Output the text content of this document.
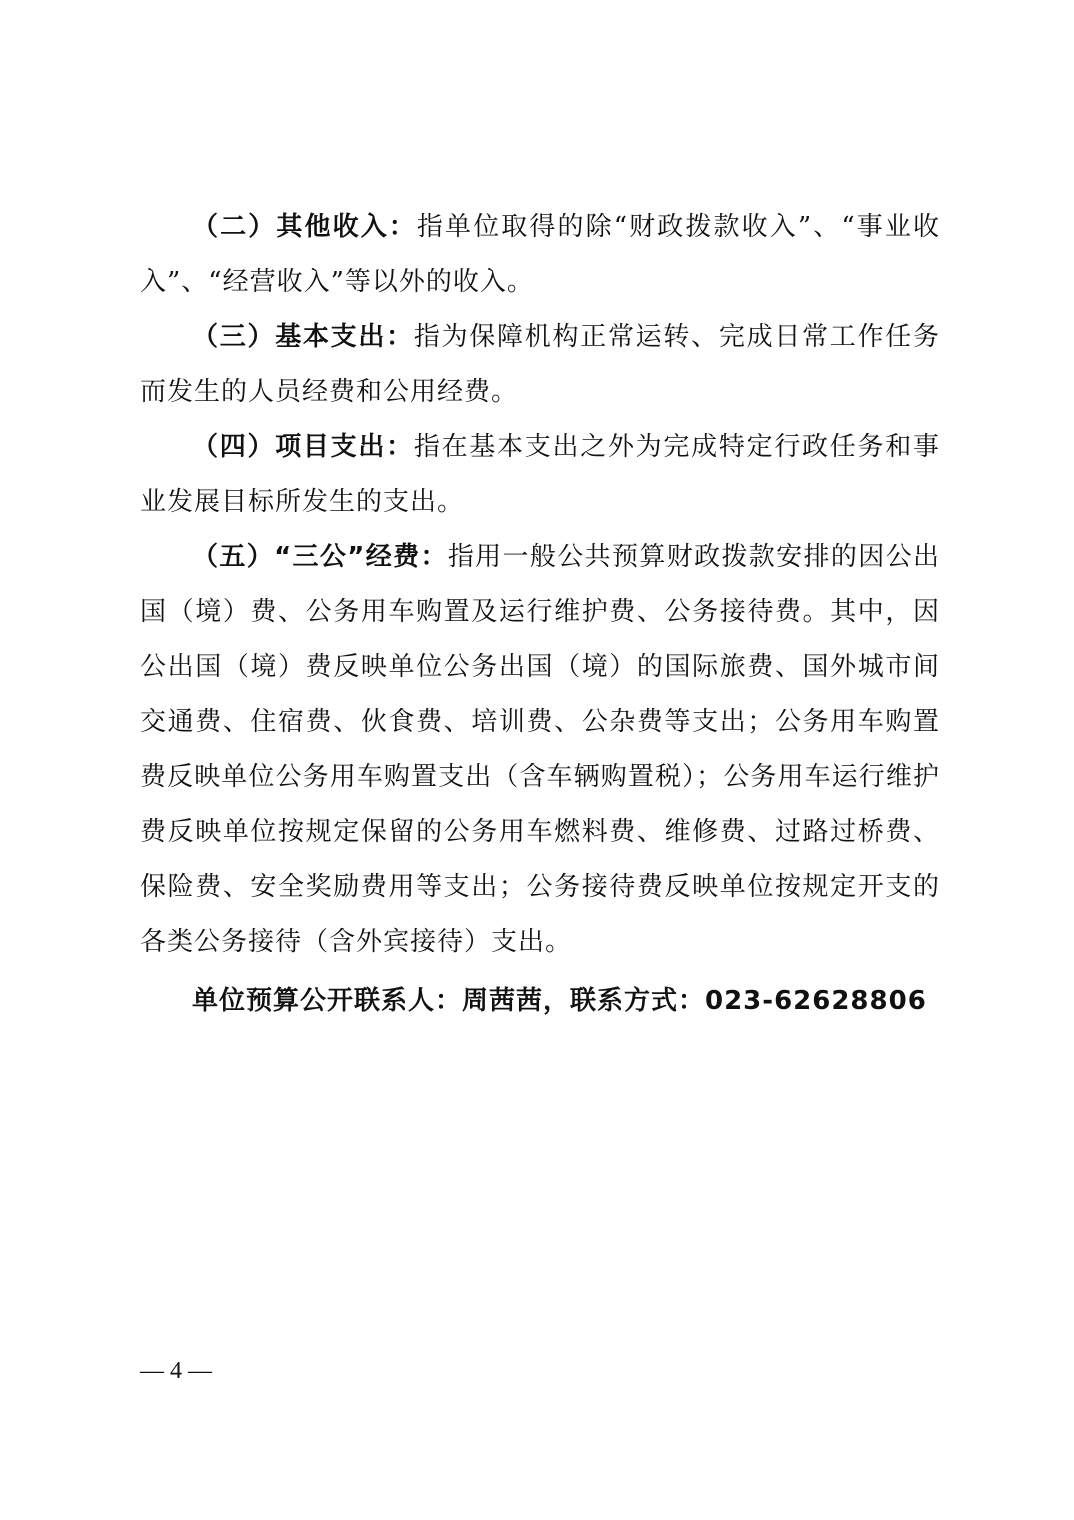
（二）其他收入：指单位取得的除“财政拨款收入”、“事业收入”、“经营收入”等以外的收入。

（三）基本支出：指为保障机构正常运转、完成日常工作任务而发生的人员经费和公用经费。

（四）项目支出：指在基本支出之外为完成特定行政任务和事业发展目标所发生的支出。

（五）“三公”经费：指用一般公共预算财政拨款安排的因公出国（境）费、公务用车购置及运行维护费、公务接待费。其中，因公出国（境）费反映单位公务出国（境）的国际旅费、国外城市间交通费、住宿费、伙食费、培训费、公杂费等支出；公务用车购置费反映单位公务用车购置支出（含车辆购置税）；公务用车运行维护费反映单位按规定保留的公务用车燃料费、维修费、过路过桥费、保险费、安全奖励费用等支出；公务接待费反映单位按规定开支的各类公务接待（含外宾接待）支出。

单位预算公开联系人：周茜茜，联系方式：023-62628806

— 4 —
